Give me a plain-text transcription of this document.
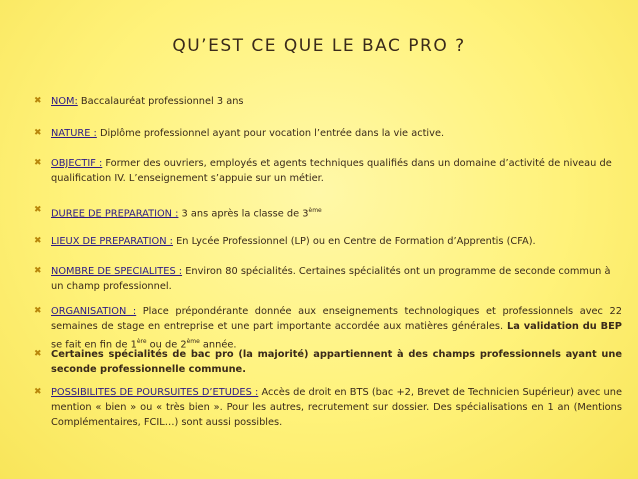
QU’EST CE QUE LE BAC PRO ?
✖ NOM: Baccalauréat professionnel 3 ans
✖ NATURE : Diplôme professionnel ayant pour vocation l’entrée dans la vie active.
✖ OBJECTIF : Former des ouvriers, employés et agents techniques qualifiés dans un domaine d’activité de niveau de qualification IV. L’enseignement s’appuie sur un métier.
✖ DUREE DE PREPARATION : 3 ans après la classe de 3ème
✖ LIEUX DE PREPARATION : En Lycée Professionnel (LP) ou en Centre de Formation d’Apprentis (CFA).
✖ NOMBRE DE SPECIALITES : Environ 80 spécialités. Certaines spécialités ont un programme de seconde commun à un champ professionnel.
✖ ORGANISATION : Place prépondérante donnée aux enseignements technologiques et professionnels avec 22 semaines de stage en entreprise et une part importante accordée aux matières générales. La validation du BEP se fait en fin de 1ère ou de 2ème année.
✖ Certaines spécialités de bac pro (la majorité) appartiennent à des champs professionnels ayant une seconde professionnelle commune.
✖ POSSIBILITES DE POURSUITES D’ETUDES : Accès de droit en BTS (bac +2, Brevet de Technicien Supérieur) avec une mention « bien » ou « très bien ». Pour les autres, recrutement sur dossier. Des spécialisations en 1 an (Mentions Complémentaires, FCIL…) sont aussi possibles.
